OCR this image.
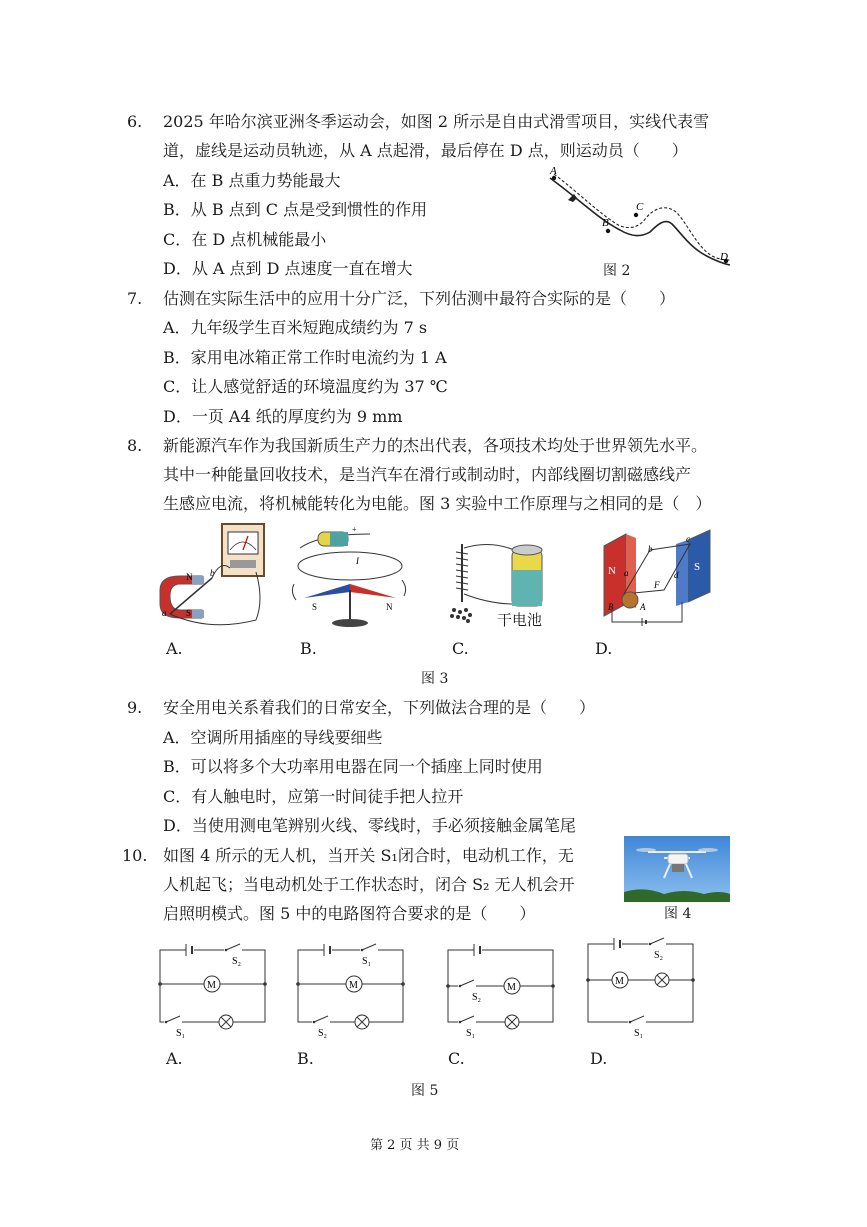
6. 2025 年哈尔滨亚洲冬季运动会，如图 2 所示是自由式滑雪项目，实线代表雪
道，虚线是运动员轨迹，从 A 点起滑，最后停在 D 点，则运动员（　　）
A．在 B 点重力势能最大
B．从 B 点到 C 点是受到惯性的作用
C．在 D 点机械能最小
D．从 A 点到 D 点速度一直在增大
A
B
C
D
图 2
7. 估测在实际生活中的应用十分广泛，下列估测中最符合实际的是（　　）
A．九年级学生百米短跑成绩约为 7 s
B．家用电冰箱正常工作时电流约为 1 A
C．让人感觉舒适的环境温度约为 37 ℃
D．一页 A4 纸的厚度约为 9 mm
8. 新能源汽车作为我国新质生产力的杰出代表，各项技术均处于世界领先水平。
其中一种能量回收技术，是当汽车在滑行或制动时，内部线圈切割磁感线产
生感应电流，将机械能转化为电能。图 3 实验中工作原理与之相同的是（　）
N
S
a
b
+
I
S	N
干电池
N	S
a
b
c
d
F
B	A
A.	B.	C.	D.
图 3
9. 安全用电关系着我们的日常安全，下列做法合理的是（　　）
A．空调所用插座的导线要细些
B．可以将多个大功率用电器在同一个插座上同时使用
C．有人触电时，应第一时间徒手把人拉开
D．当使用测电笔辨别火线、零线时，手必须接触金属笔尾
10. 如图 4 所示的无人机，当开关 S₁闭合时，电动机工作，无
人机起飞；当电动机处于工作状态时，闭合 S₂ 无人机会开
启照明模式。图 5 中的电路图符合要求的是（　　）	图 4
S₂
M
S₁
S₁
M
S₂
S₂
M
S₁
S₂
M
S₁
A.	B.	C.	D.
图 5
第 2 页 共 9 页
